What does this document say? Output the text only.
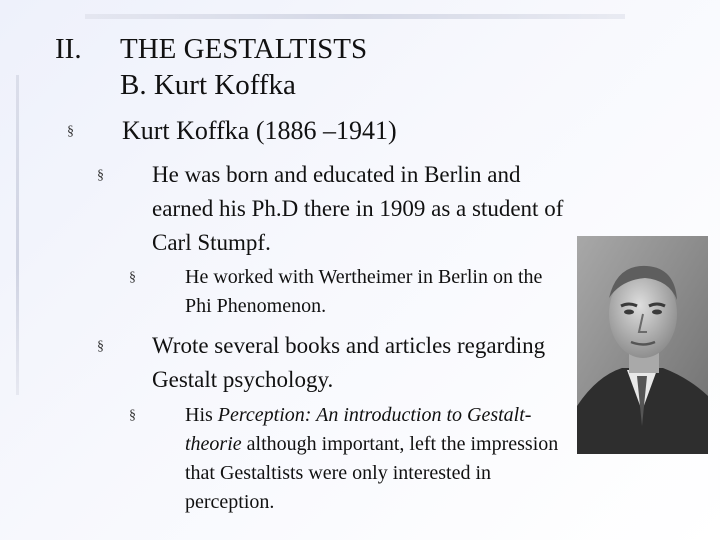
II. THE GESTALTISTS
B. Kurt Koffka
§ Kurt Koffka (1886 –1941)
§ He was born and educated in Berlin and earned his Ph.D there in 1909 as a student of Carl Stumpf.
§ He worked with Wertheimer in Berlin on the Phi Phenomenon.
§ Wrote several books and articles regarding Gestalt psychology.
§ His Perception: An introduction to Gestalt-theorie although important, left the impression that Gestaltists were only interested in perception.
